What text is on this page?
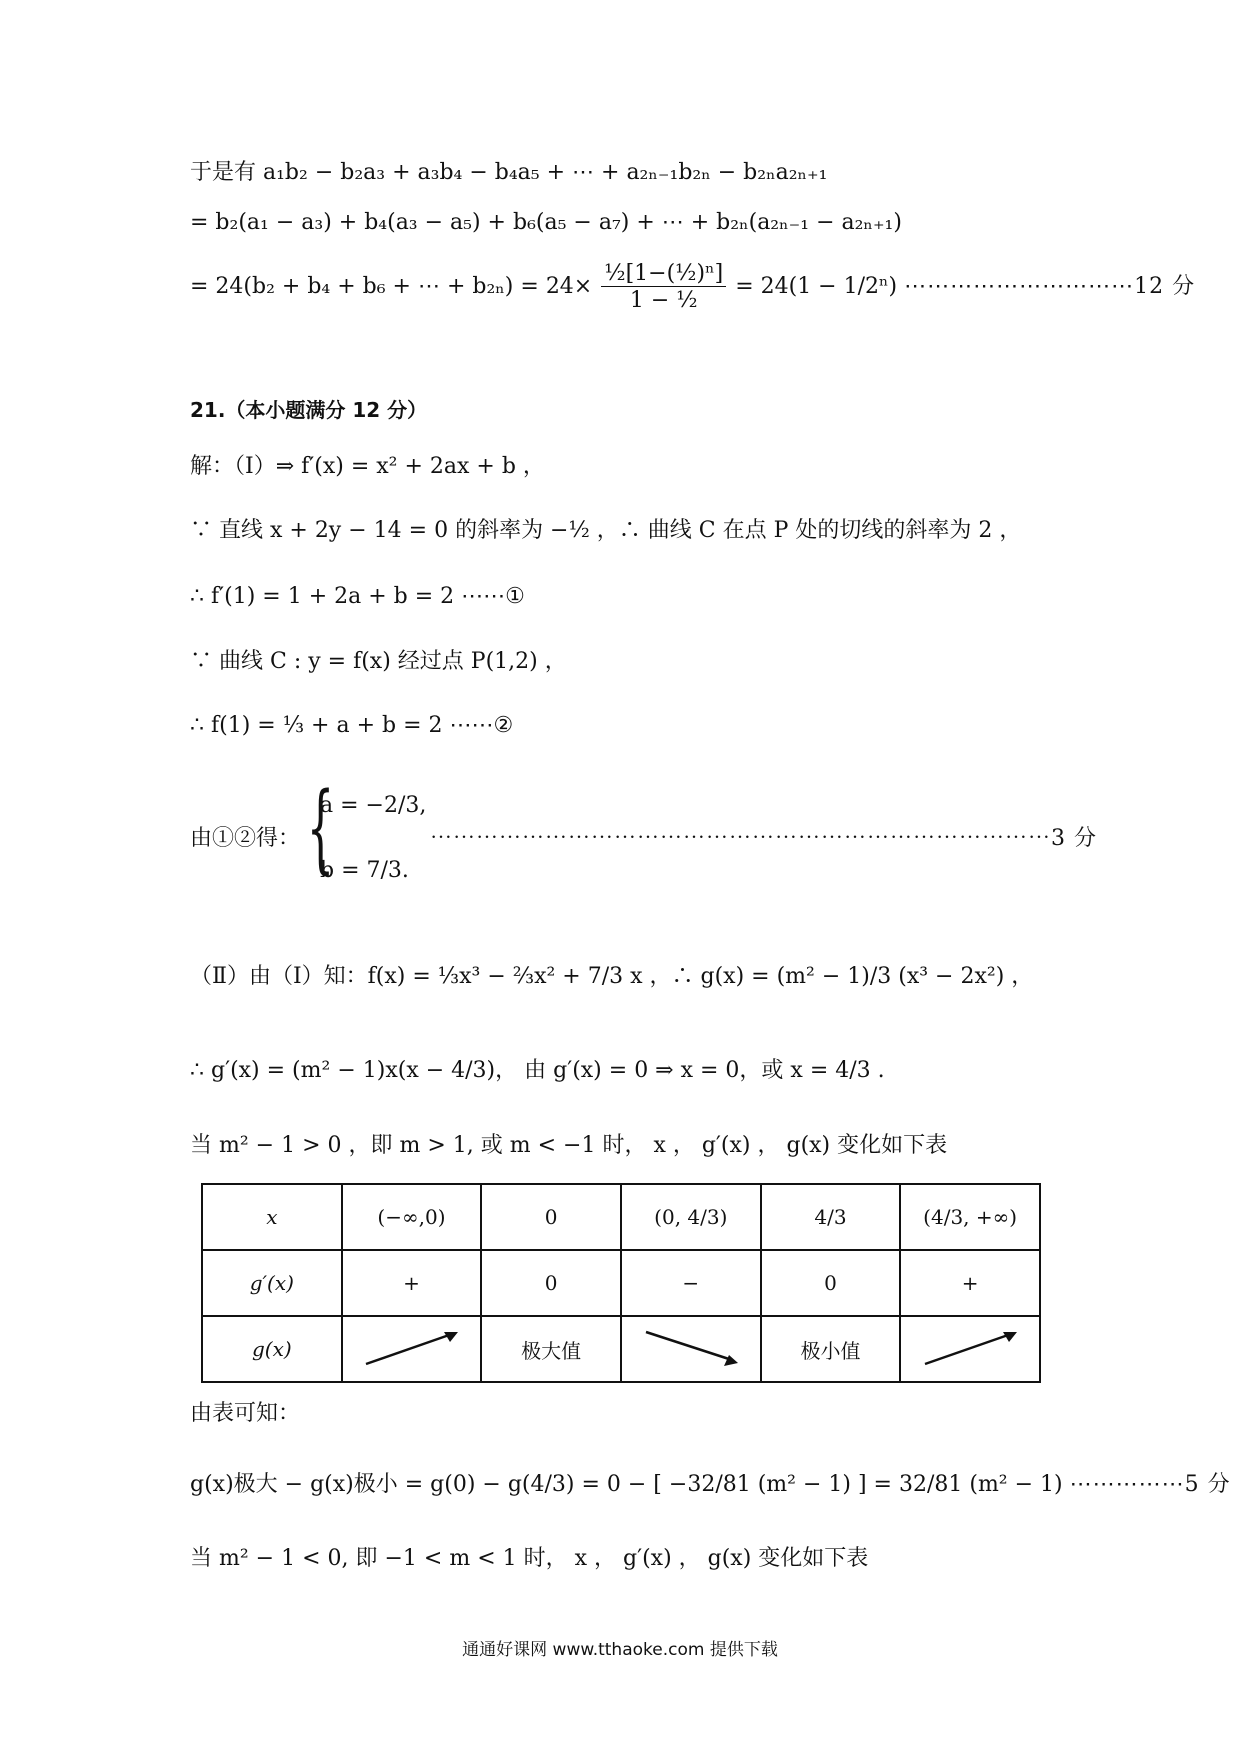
于是有 a₁b₂ − b₂a₃ + a₃b₄ − b₄a₅ + ⋯ + a₂ₙ₋₁b₂ₙ − b₂ₙa₂ₙ₊₁
= b₂(a₁ − a₃) + b₄(a₃ − a₅) + b₆(a₅ − a₇) + ⋯ + b₂ₙ(a₂ₙ₋₁ − a₂ₙ₊₁)
= 24(b₂ + b₄ + b₆ + ⋯ + $b_{2n}) = 24\times \frac{\text{½[1−(½)ⁿ]}}{\text{1 − ½}} = 24(1 - 1/2^n)$ ⋯⋯⋯⋯⋯⋯⋯⋯⋯⋯12 分
21.（本小题满分 12 分）
解：（Ⅰ）⇒ f′(x) = x² + 2ax + b ，
∵ 直线 x + 2y − 14 = 0 的斜率为 −½ ，∴ 曲线 C 在点 P 处的切线的斜率为 2 ，
∴ f′(1) = 1 + 2a + b = 2 ⋯⋯①
∵ 曲线 C : y = f(x) 经过点 P(1,2) ，
∴ f(1) = ⅓ + a + b = 2 ⋯⋯②
由①②得： {
a = −2/3,
b = 7/3.
⋯⋯⋯⋯⋯⋯⋯⋯⋯⋯⋯⋯⋯⋯⋯⋯⋯⋯⋯⋯⋯⋯⋯⋯⋯⋯⋯3 分
（Ⅱ）由（Ⅰ）知：f(x) = ⅓x³ − ⅔x² + 7/3 x ，∴ g(x) = (m² − 1)/3 (x³ − 2x²) ，
∴ g′(x) = (m² − 1)x(x − 4/3)， 由 g′(x) = 0 ⇒ x = 0，或 x = 4/3 .
当 m² − 1 > 0 ，即 m > 1, 或 m < −1 时， x ， g′(x) ， g(x) 变化如下表
x	(−∞,0)	0	(0, 4/3)	4/3	(4/3, +∞)
g′(x)	+	0	−	0	+
g(x)		极大值		极小值	
由表可知：
g(x)极大 − g(x)极小 = g(0) − g(4/3) = 0 − [ −32/81 (m² − 1) ] = 32/81 (m² − 1) ⋯⋯⋯⋯⋯5 分
当 m² − 1 < 0, 即 −1 < m < 1 时， x ， g′(x) ， g(x) 变化如下表
通通好课网 www.tthaoke.com 提供下载
